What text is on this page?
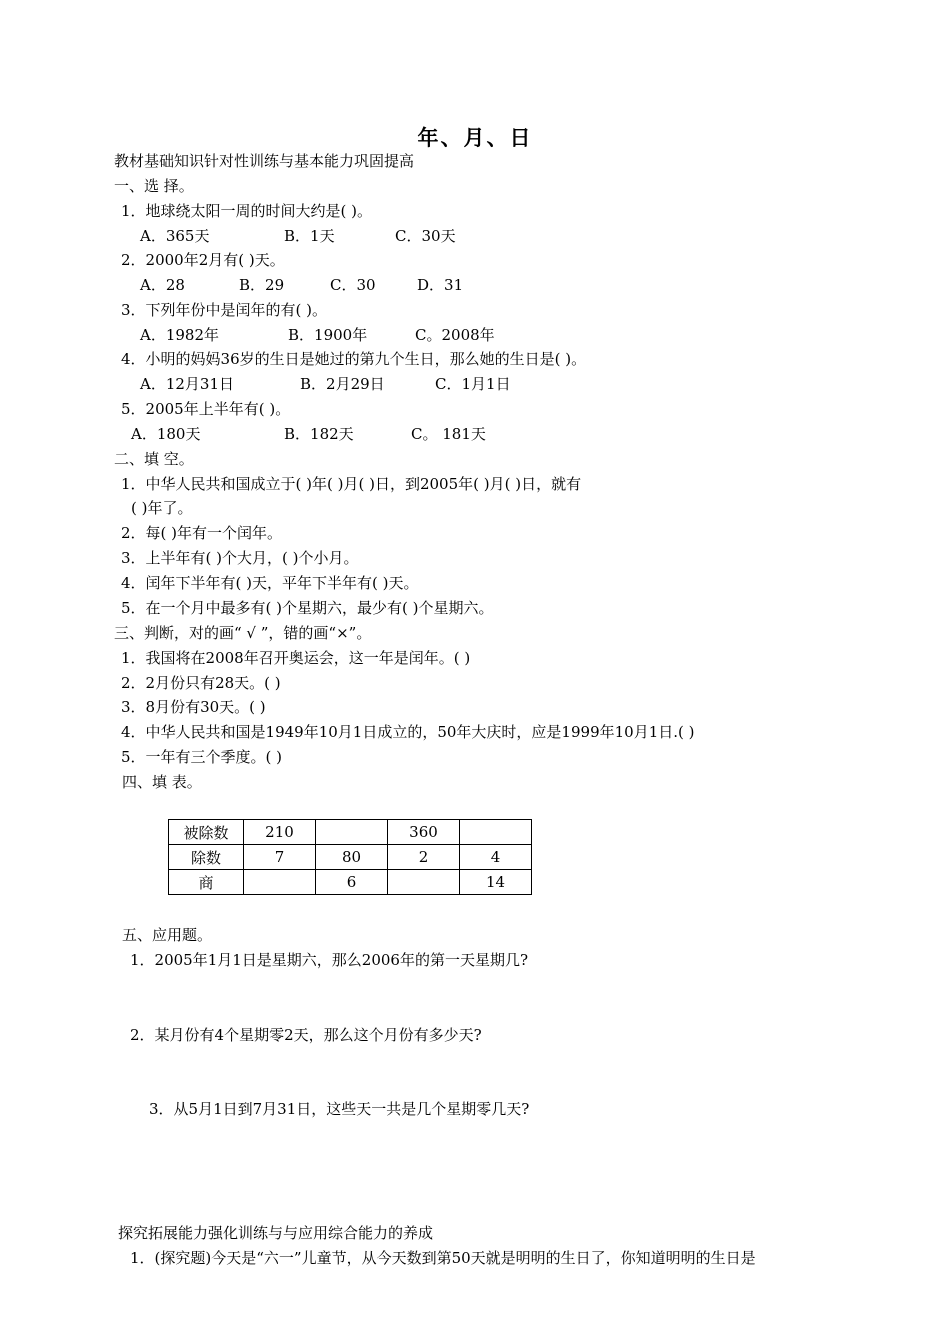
年、月、日
教材基础知识针对性训练与基本能力巩固提高
一、选 择。
1．地球绕太阳一周的时间大约是( )。
A．365天	B．1天	C．30天
2．2000年2月有( )天。
A．28	B．29	C．30	D．31
3．下列年份中是闰年的有( )。
A．1982年	B．1900年	C。2008年
4．小明的妈妈36岁的生日是她过的第九个生日，那么她的生日是( )。
A．12月31日	B．2月29日	C．1月1日
5．2005年上半年有( )。
A．180天	B．182天	C。 181天
二、填 空。
1．中华人民共和国成立于( )年( )月( )日，到2005年( )月( )日，就有
( )年了。
2．每( )年有一个闰年。
3．上半年有( )个大月，( )个小月。
4．闰年下半年有( )天，平年下半年有( )天。
5．在一个月中最多有( )个星期六，最少有( )个星期六。
三、判断，对的画“ √ ”，错的画“×”。
1．我国将在2008年召开奥运会，这一年是闰年。( )
2．2月份只有28天。( )
3．8月份有30天。( )
4．中华人民共和国是1949年10月1日成立的，50年大庆时，应是1999年10月1日.( )
5．一年有三个季度。( )
四、填 表。
被除数	210		360	
除数	7	80	2	4
商		6		14
五、应用题。
1．2005年1月1日是星期六，那么2006年的第一天星期几?
2．某月份有4个星期零2天，那么这个月份有多少天?
3．从5月1日到7月31日，这些天一共是几个星期零几天?
探究拓展能力强化训练与与应用综合能力的养成
1．(探究题)今天是“六一”儿童节，从今天数到第50天就是明明的生日了，你知道明明的生日是
